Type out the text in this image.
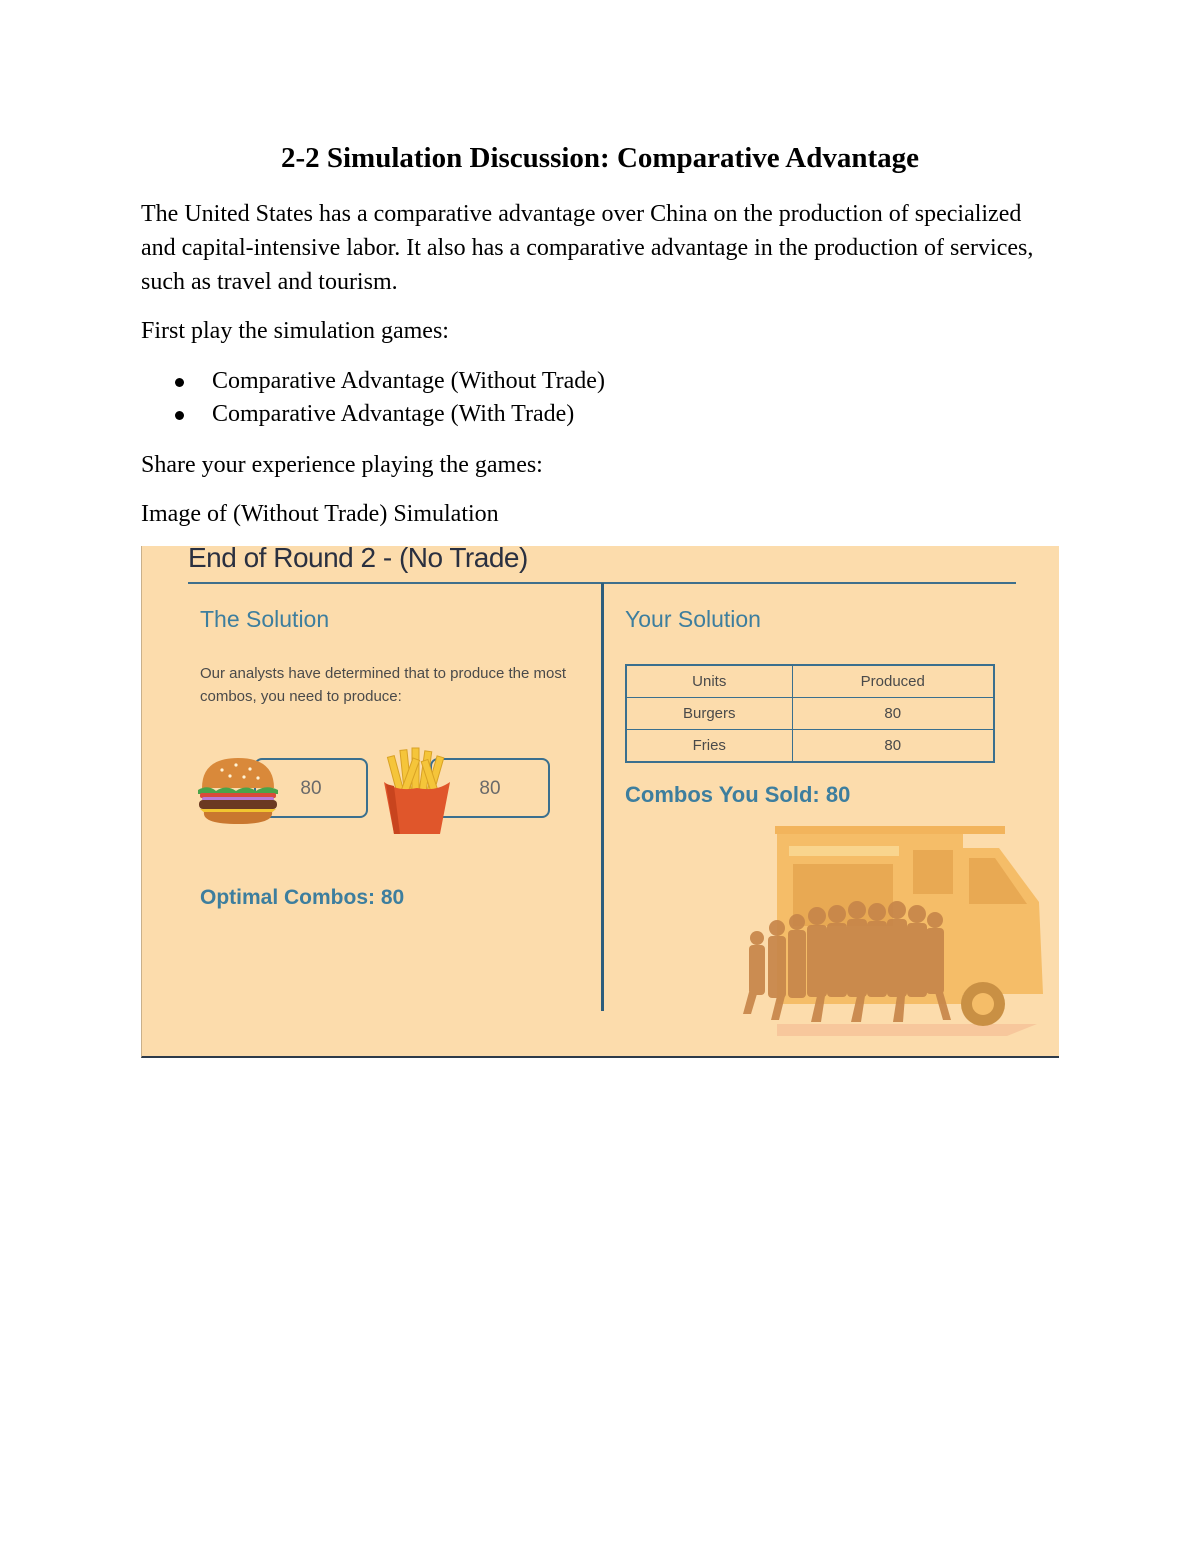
2-2 Simulation Discussion: Comparative Advantage

The United States has a comparative advantage over China on the production of specialized and capital-intensive labor. It also has a comparative advantage in the production of services, such as travel and tourism.

First play the simulation games:

Comparative Advantage (Without Trade)
Comparative Advantage (With Trade)

Share your experience playing the games:

Image of (Without Trade) Simulation

End of Round 2 - (No Trade)
The Solution

Our analysts have determined that to produce the most combos, you need to produce:

80	80

Optimal Combos: 80

Your Solution
Units	Produced
Burgers	80
Fries	80

Combos You Sold: 80
